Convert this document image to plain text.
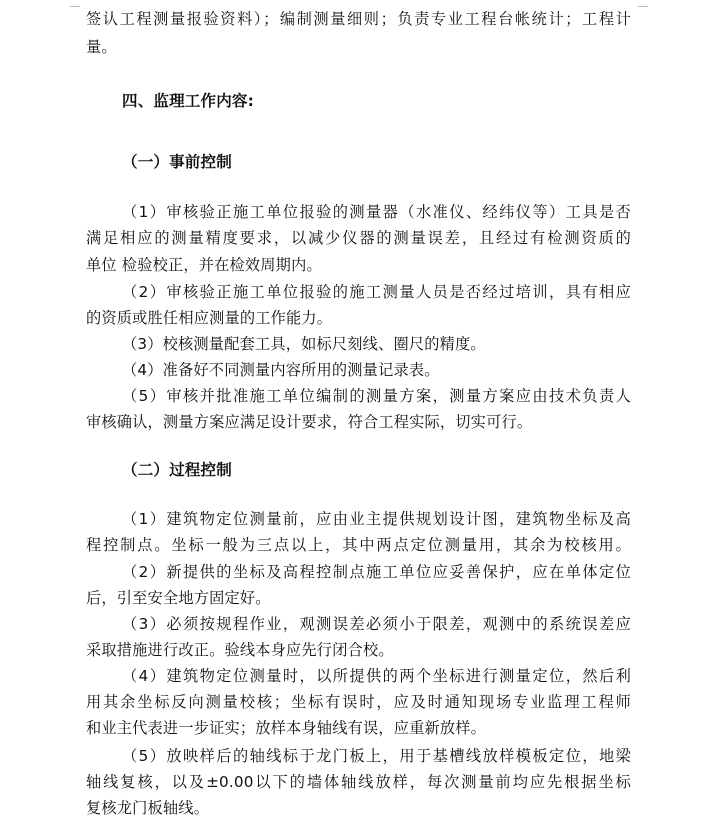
签认工程测量报验资料）；编制测量细则；负责专业工程台帐统计；工程计
量。
四、监理工作内容:
（一）事前控制
（1）审核验正施工单位报验的测量器（水准仪、经纬仪等）工具是否
满足相应的测量精度要求，以减少仪器的测量误差，且经过有检测资质的
单位 检验校正，并在检效周期内。
（2）审核验正施工单位报验的施工测量人员是否经过培训，具有相应
的资质或胜任相应测量的工作能力。
（3）校核测量配套工具，如标尺刻线、圈尺的精度。
（4）准备好不同测量内容所用的测量记录表。
（5）审核并批准施工单位编制的测量方案，测量方案应由技术负责人
审核确认，测量方案应满足设计要求，符合工程实际，切实可行。
（二）过程控制
（1）建筑物定位测量前，应由业主提供规划设计图，建筑物坐标及高
程控制点。坐标一般为三点以上，其中两点定位测量用，其余为校核用。
（2）新提供的坐标及高程控制点施工单位应妥善保护，应在单体定位
后，引至安全地方固定好。
（3）必须按规程作业，观测误差必须小于限差，观测中的系统误差应
采取措施进行改正。验线本身应先行闭合校。
（4）建筑物定位测量时，以所提供的两个坐标进行测量定位，然后利
用其余坐标反向测量校核；坐标有误时，应及时通知现场专业监理工程师
和业主代表进一步证实；放样本身轴线有误，应重新放样。
（5）放映样后的轴线标于龙门板上，用于基槽线放样模板定位，地梁
轴线复核，以及±0.00以下的墙体轴线放样，每次测量前均应先根据坐标
复核龙门板轴线。
